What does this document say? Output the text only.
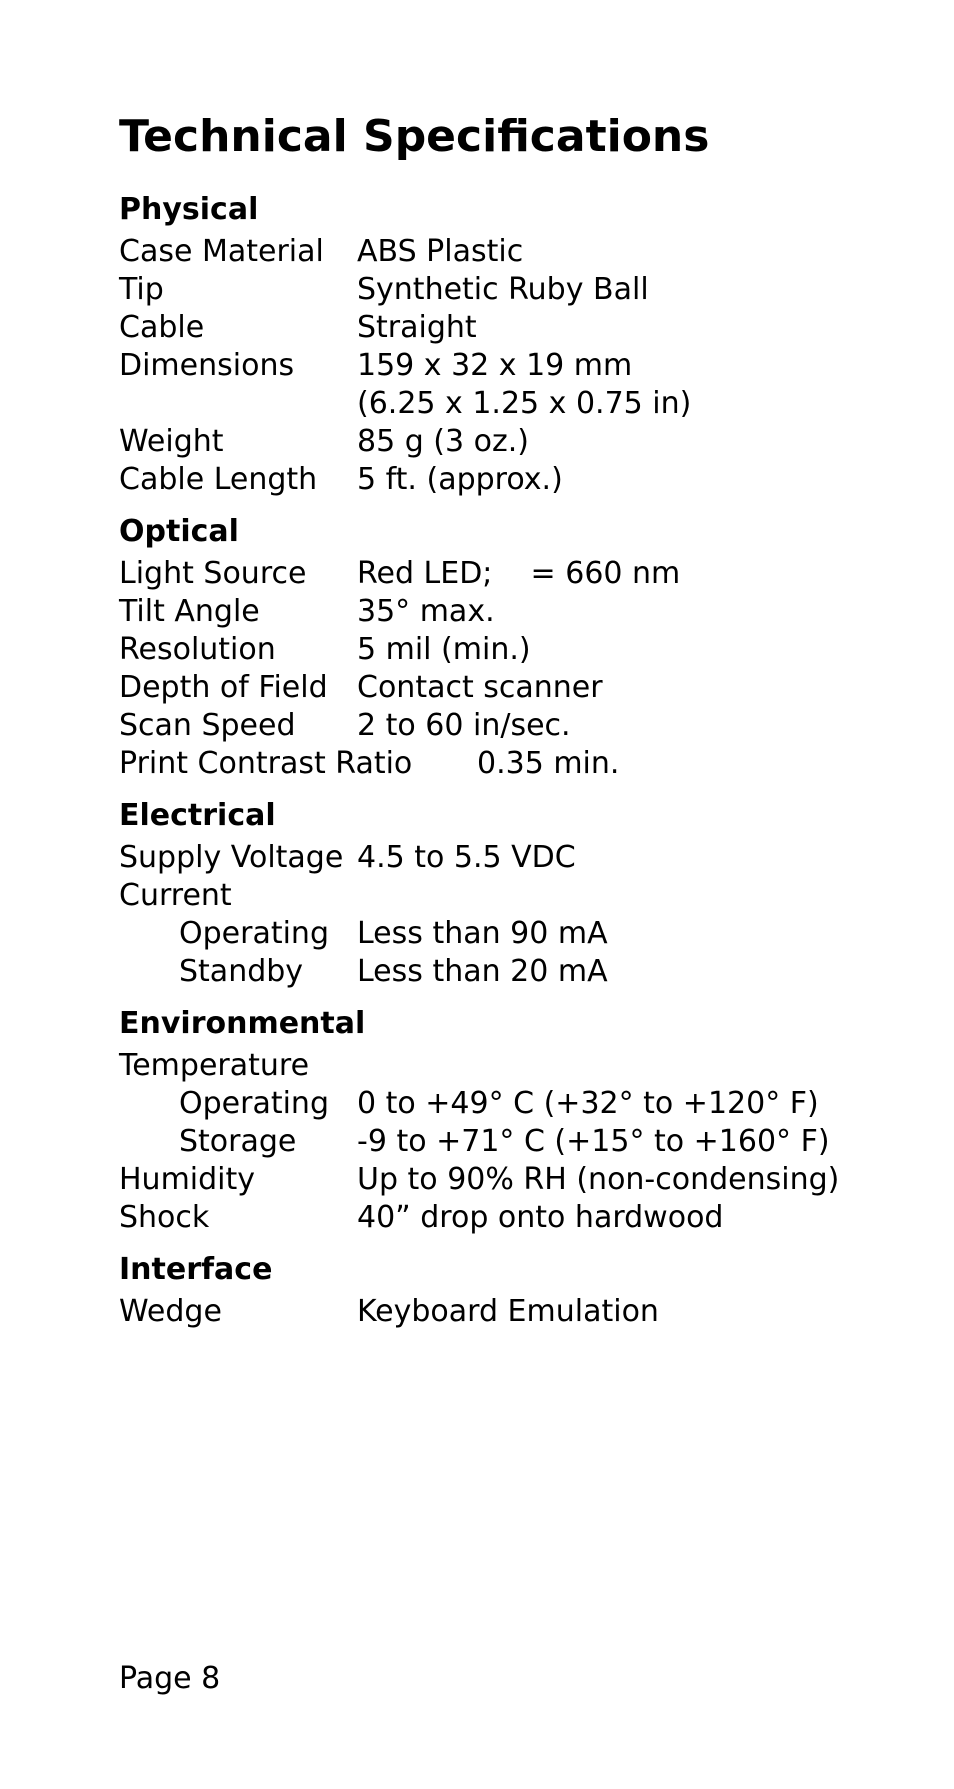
Technical Specifications
Physical
Case Material ABS Plastic
Tip	Synthetic Ruby Ball
Cable	Straight
Dimensions 159 x 32 x 19 mm
(6.25 x 1.25 x 0.75 in)
Weight	85 g (3 oz.)
Cable Length 5 ft. (approx.)
Optical
Light Source Red LED;    = 660 nm
Tilt Angle	35° max.
Resolution	5 mil (min.)
Depth of Field Contact scanner
Scan Speed 2 to 60 in/sec.
Print Contrast Ratio 0.35 min.
Electrical
Supply Voltage 4.5 to 5.5 VDC
Current
Operating Less than 90 mA
Standby Less than 20 mA
Environmental
Temperature
Operating 0 to +49° C (+32° to +120° F)
Storage -9 to +71° C (+15° to +160° F)
Humidity	Up to 90% RH (non-condensing)
Shock	40” drop onto hardwood
Interface
Wedge	Keyboard Emulation
Page 8
